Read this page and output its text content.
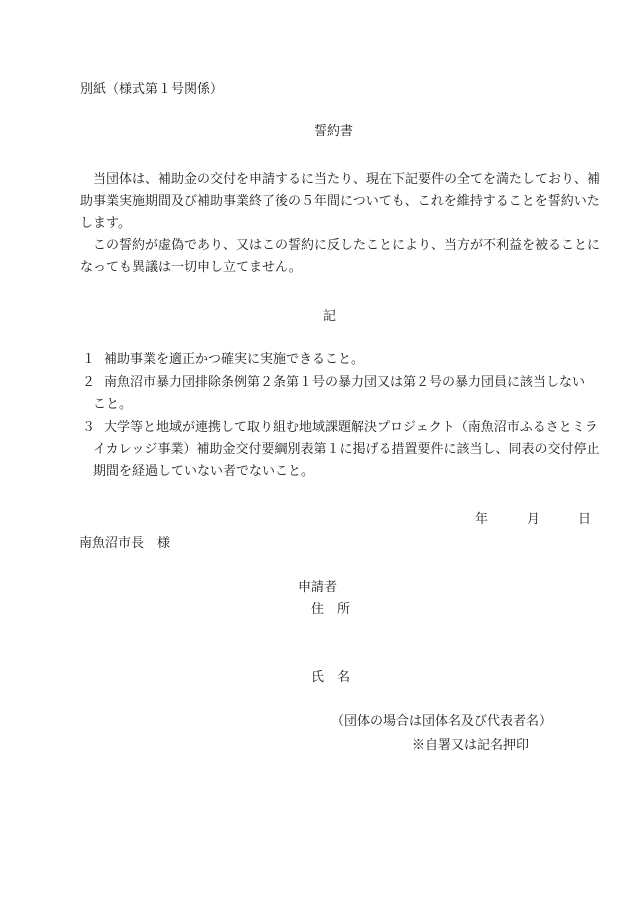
別紙（様式第１号関係）
誓約書
　当団体は、補助金の交付を申請するに当たり、現在下記要件の全てを満たしており、補
助事業実施期間及び補助事業終了後の５年間についても、これを維持することを誓約いた
します。
　この誓約が虚偽であり、又はこの誓約に反したことにより、当方が不利益を被ることに
なっても異議は一切申し立てません。
記
１ 補助事業を適正かつ確実に実施できること。
２ 南魚沼市暴力団排除条例第２条第１号の暴力団又は第２号の暴力団員に該当しない
こと。
３ 大学等と地域が連携して取り組む地域課題解決プロジェクト（南魚沼市ふるさとミラ
イカレッジ事業）補助金交付要綱別表第１に掲げる措置要件に該当し、同表の交付停止
期間を経過していない者でないこと。
年	月	日
南魚沼市長　様
申請者
住　所
氏　名
（団体の場合は団体名及び代表者名）
※自署又は記名押印
